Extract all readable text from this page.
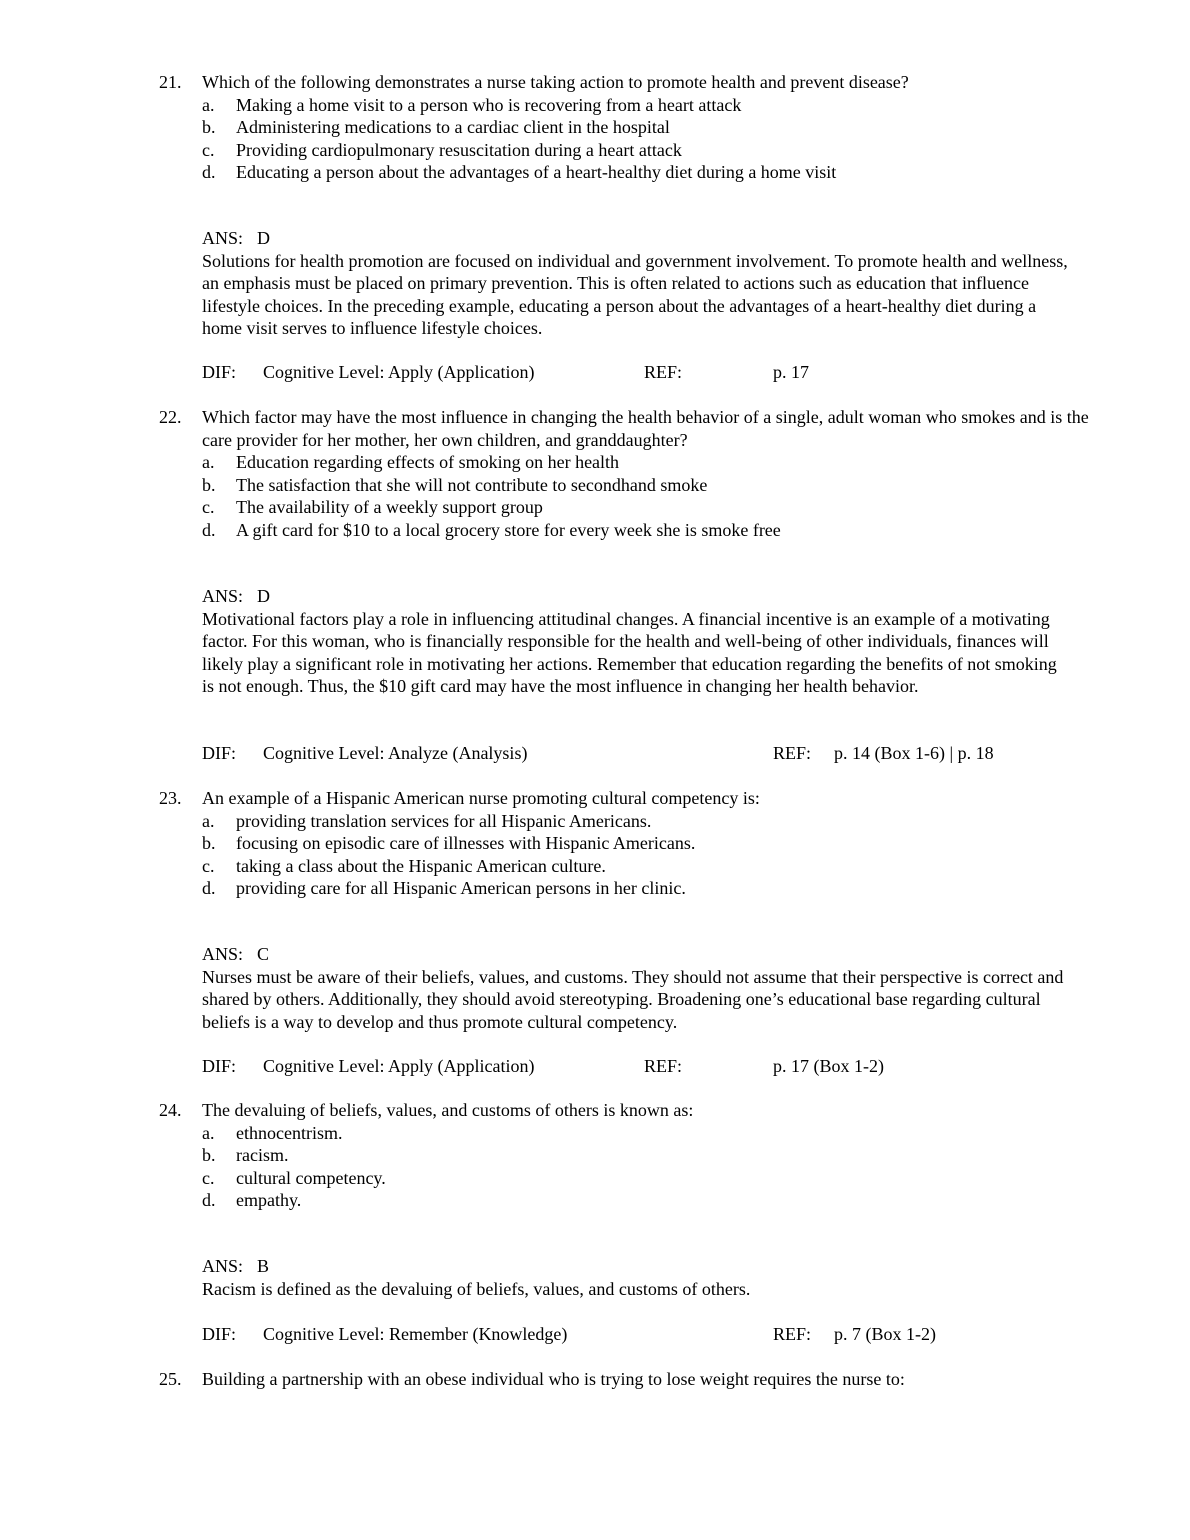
21. Which of the following demonstrates a nurse taking action to promote health and prevent disease?
a. Making a home visit to a person who is recovering from a heart attack
b. Administering medications to a cardiac client in the hospital
c. Providing cardiopulmonary resuscitation during a heart attack
d. Educating a person about the advantages of a heart-healthy diet during a home visit
ANS: D
Solutions for health promotion are focused on individual and government involvement. To promote health and wellness, an emphasis must be placed on primary prevention. This is often related to actions such as education that influence lifestyle choices. In the preceding example, educating a person about the advantages of a heart-healthy diet during a home visit serves to influence lifestyle choices.
DIF: Cognitive Level: Apply (Application)	REF:	p. 17
22. Which factor may have the most influence in changing the health behavior of a single, adult woman who smokes and is the care provider for her mother, her own children, and granddaughter?
a. Education regarding effects of smoking on her health
b. The satisfaction that she will not contribute to secondhand smoke
c. The availability of a weekly support group
d. A gift card for $10 to a local grocery store for every week she is smoke free
ANS: D
Motivational factors play a role in influencing attitudinal changes. A financial incentive is an example of a motivating factor. For this woman, who is financially responsible for the health and well-being of other individuals, finances will likely play a significant role in motivating her actions. Remember that education regarding the benefits of not smoking is not enough. Thus, the $10 gift card may have the most influence in changing her health behavior.
DIF: Cognitive Level: Analyze (Analysis)	REF: p. 14 (Box 1-6) | p. 18
23. An example of a Hispanic American nurse promoting cultural competency is:
a. providing translation services for all Hispanic Americans.
b. focusing on episodic care of illnesses with Hispanic Americans.
c. taking a class about the Hispanic American culture.
d. providing care for all Hispanic American persons in her clinic.
ANS: C
Nurses must be aware of their beliefs, values, and customs. They should not assume that their perspective is correct and shared by others. Additionally, they should avoid stereotyping. Broadening one’s educational base regarding cultural beliefs is a way to develop and thus promote cultural competency.
DIF: Cognitive Level: Apply (Application)	REF:	p. 17 (Box 1-2)
24. The devaluing of beliefs, values, and customs of others is known as:
a. ethnocentrism.
b. racism.
c. cultural competency.
d. empathy.
ANS: B
Racism is defined as the devaluing of beliefs, values, and customs of others.
DIF: Cognitive Level: Remember (Knowledge)	REF: p. 7 (Box 1-2)
25. Building a partnership with an obese individual who is trying to lose weight requires the nurse to:
